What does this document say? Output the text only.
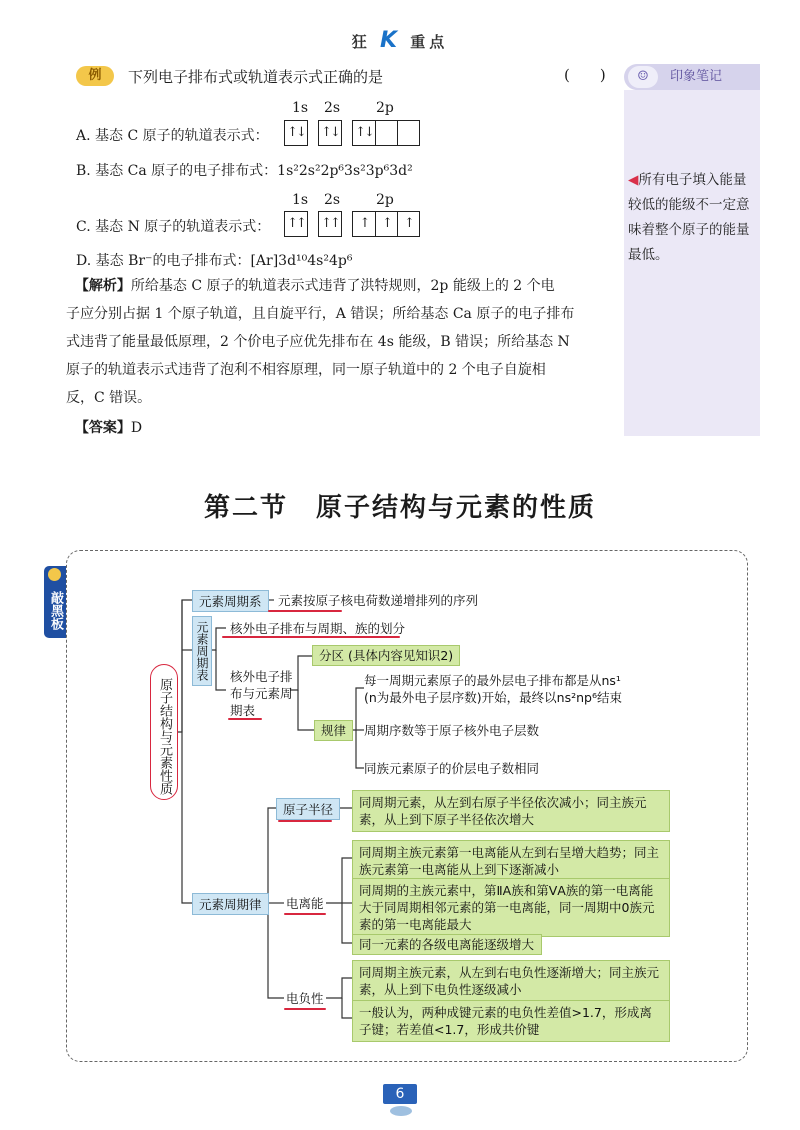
狂 K 重点
例	下列电子排布式或轨道表示式正确的是	(　　)
1s 2s	2p
A. 基态 C 原子的轨道表示式： ↑↓ ↑↓ ↑↓
B. 基态 Ca 原子的电子排布式：1s²2s²2p⁶3s²3p⁶3d²
1s 2s	2p
C. 基态 N 原子的轨道表示式： ↑↑ ↑↑	↑	↑	↑
D. 基态 Br⁻的电子排布式：[Ar]3d¹⁰4s²4p⁶
【解析】所给基态 C 原子的轨道表示式违背了洪特规则，2p 能级上的 2 个电
子应分别占据 1 个原子轨道，且自旋平行，A 错误；所给基态 Ca 原子的电子排布
式违背了能量最低原理，2 个价电子应优先排布在 4s 能级，B 错误；所给基态 N
原子的轨道表示式违背了泡利不相容原理，同一原子轨道中的 2 个电子自旋相
反，C 错误。
【答案】D
印象笔记
☺
◀所有电子填入能量较低的能级不一定意味着整个原子的能量最低。
第二节　原子结构与元素的性质
敲黑板
原子结构与元素性质
元素周期系	元素按原子核电荷数递增排列的序列
元素周期表 核外电子排布与周期、族的划分
核外电子排布与元素周期表
分区 (具体内容见知识2)
规律
每一周期元素原子的最外层电子排布都是从ns¹ (n为最外电子层序数)开始，最终以ns²np⁶结束
周期序数等于原子核外电子层数
同族元素原子的价层电子数相同
元素周期律
原子半径	同周期元素，从左到右原子半径依次减小；同主族元素，从上到下原子半径依次增大
电离能
同周期主族元素第一电离能从左到右呈增大趋势；同主族元素第一电离能从上到下逐渐减小
同周期的主族元素中，第ⅡA族和第ⅤA族的第一电离能大于同周期相邻元素的第一电离能，同一周期中0族元素的第一电离能最大
同一元素的各级电离能逐级增大
电负性
同周期主族元素，从左到右电负性逐渐增大；同主族元素，从上到下电负性逐级减小
一般认为，两种成键元素的电负性差值>1.7，形成离子键；若差值<1.7，形成共价键
6
